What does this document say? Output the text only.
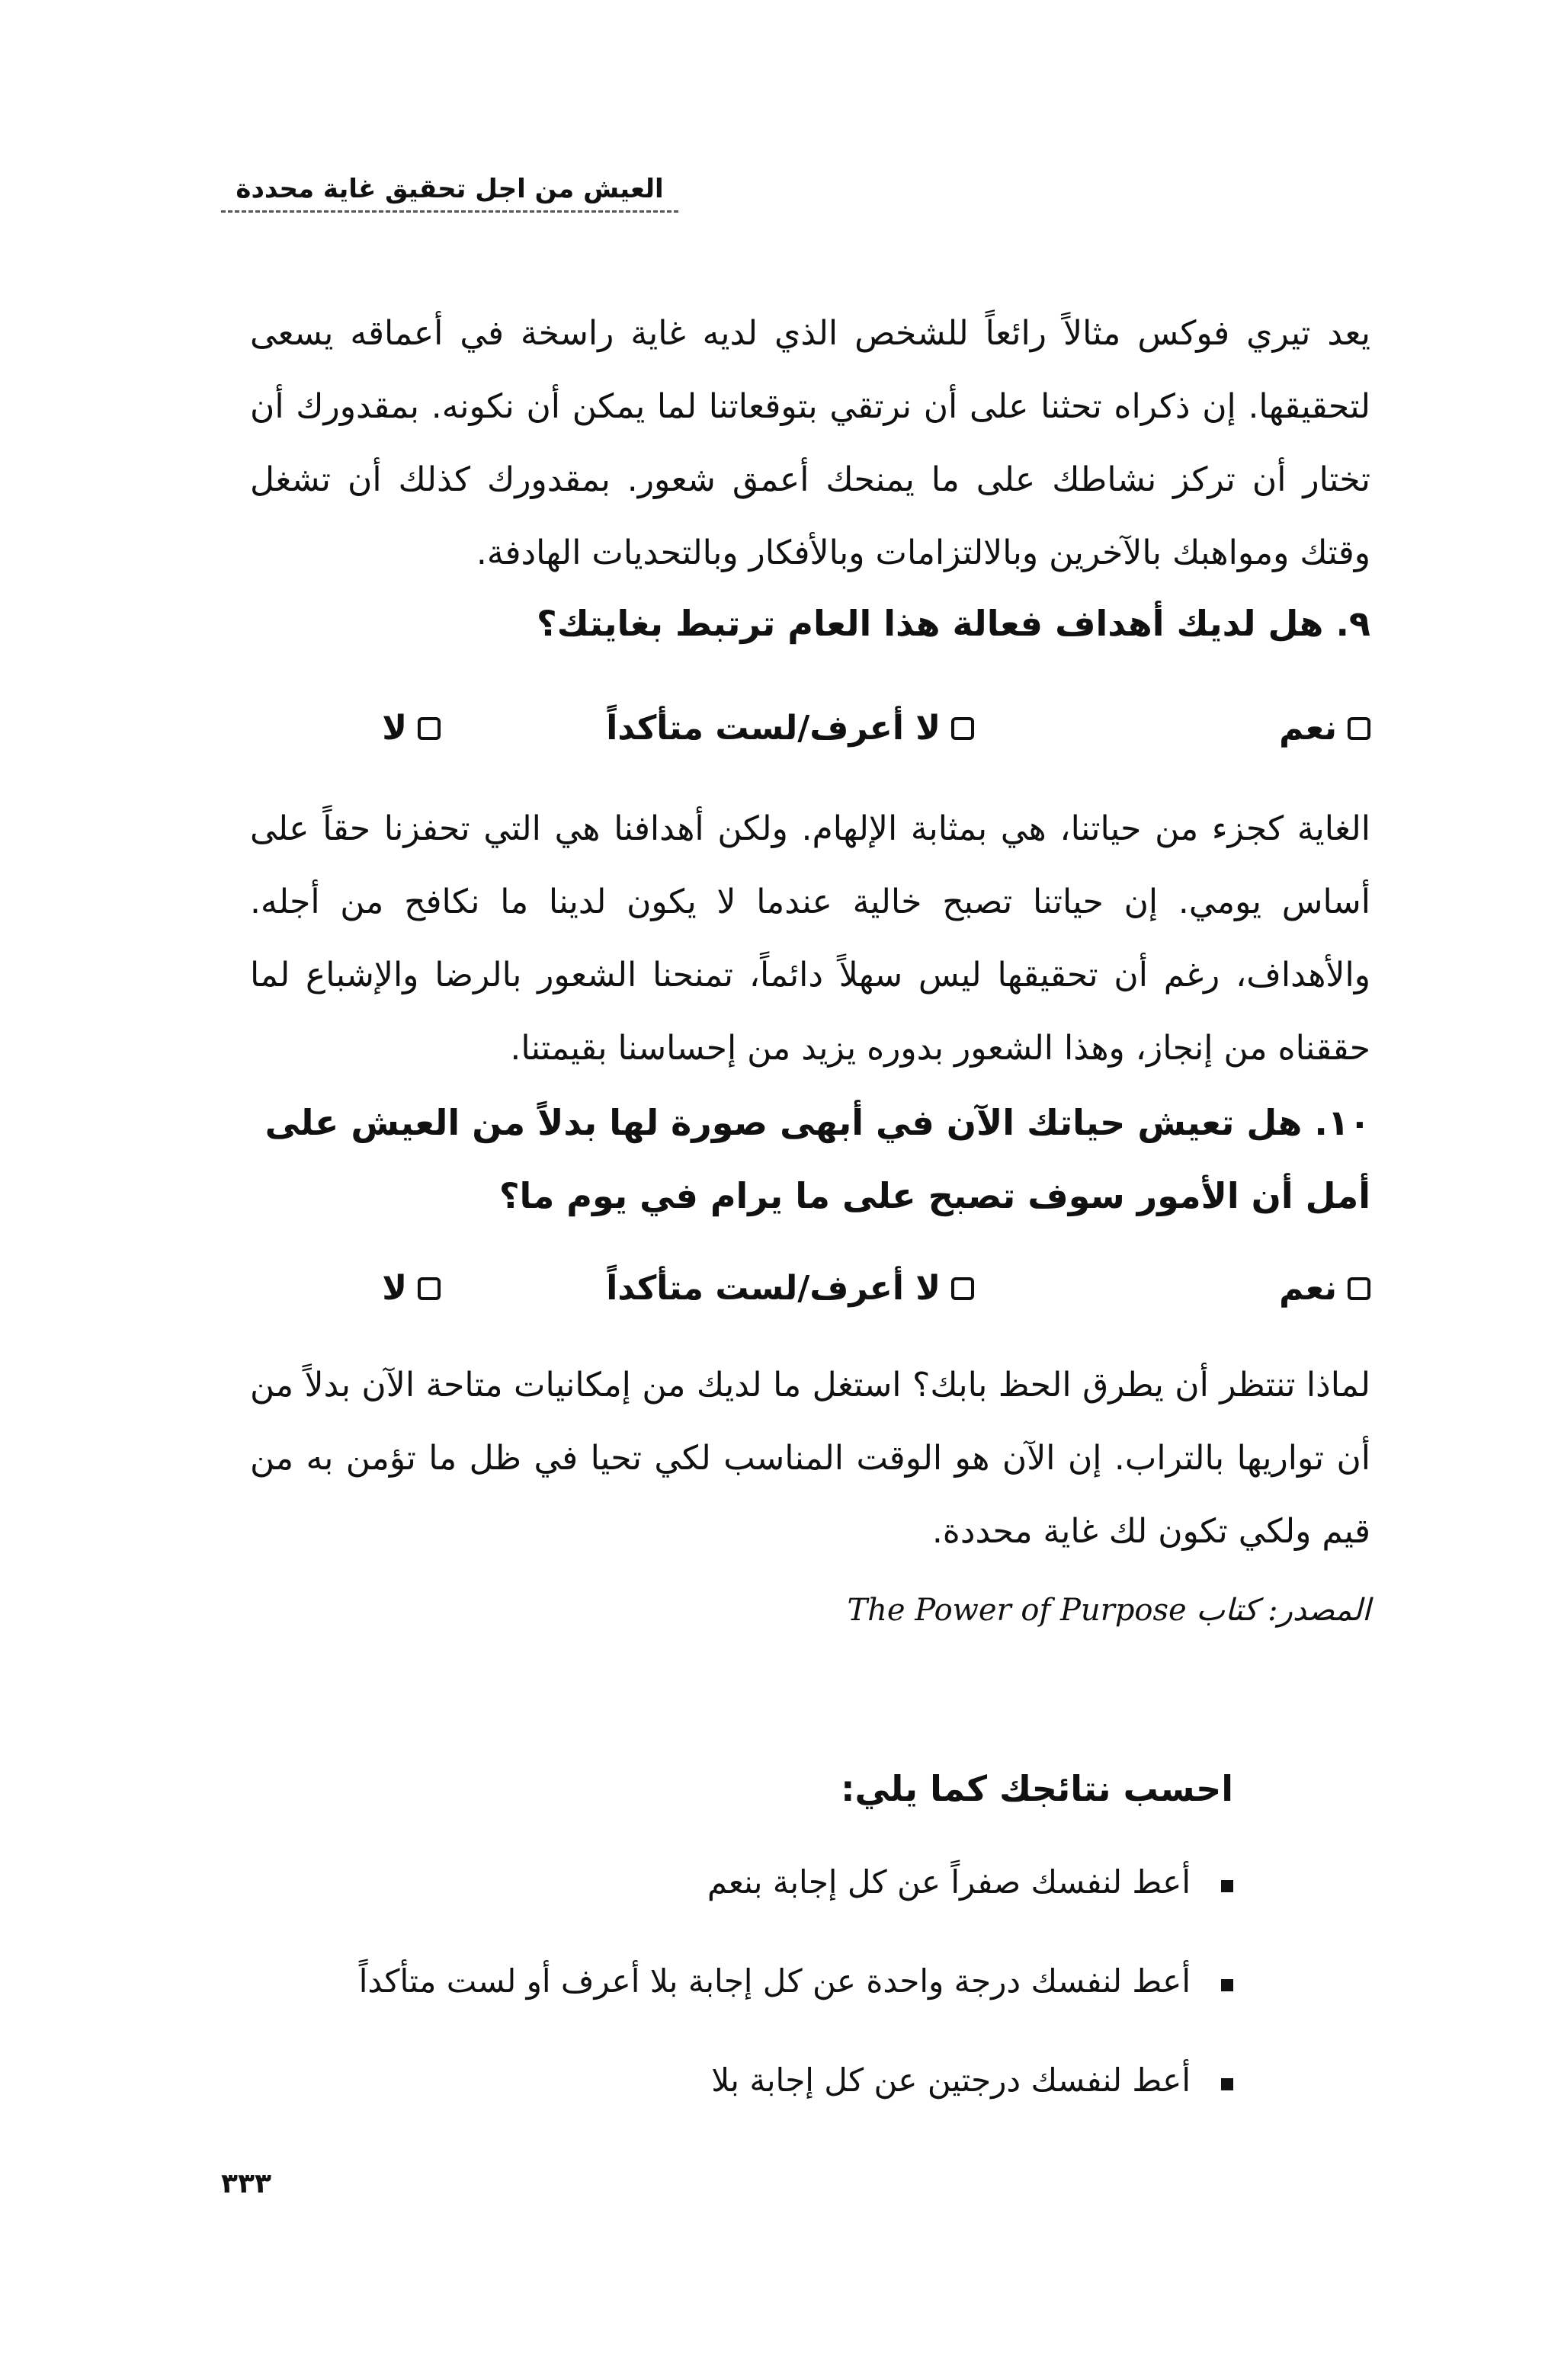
العيش من اجل تحقيق غاية محددة

يعد تيري فوكس مثالاً رائعاً للشخص الذي لديه غاية راسخة في أعماقه يسعى لتحقيقها. إن ذكراه تحثنا على أن نرتقي بتوقعاتنا لما يمكن أن نكونه. بمقدورك أن تختار أن تركز نشاطك على ما يمنحك أعمق شعور. بمقدورك كذلك أن تشغل وقتك ومواهبك بالآخرين وبالالتزامات وبالأفكار وبالتحديات الهادفة.

٩. هل لديك أهداف فعالة هذا العام ترتبط بغايتك؟
نعم
لا أعرف/لست متأكداً
لا

الغاية كجزء من حياتنا، هي بمثابة الإلهام. ولكن أهدافنا هي التي تحفزنا حقاً على أساس يومي. إن حياتنا تصبح خالية عندما لا يكون لدينا ما نكافح من أجله. والأهداف، رغم أن تحقيقها ليس سهلاً دائماً، تمنحنا الشعور بالرضا والإشباع لما حققناه من إنجاز، وهذا الشعور بدوره يزيد من إحساسنا بقيمتنا.

١٠. هل تعيش حياتك الآن في أبهى صورة لها بدلاً من العيش على أمل أن الأمور سوف تصبح على ما يرام في يوم ما؟
نعم
لا أعرف/لست متأكداً
لا

لماذا تنتظر أن يطرق الحظ بابك؟ استغل ما لديك من إمكانيات متاحة الآن بدلاً من أن تواريها بالتراب. إن الآن هو الوقت المناسب لكي تحيا في ظل ما تؤمن به من قيم ولكي تكون لك غاية محددة.

المصدر: كتاب The Power of Purpose
احسب نتائجك كما يلي:
أعط لنفسك صفراً عن كل إجابة بنعم
أعط لنفسك درجة واحدة عن كل إجابة بلا أعرف أو لست متأكداً
أعط لنفسك درجتين عن كل إجابة بلا
٣٣٣
